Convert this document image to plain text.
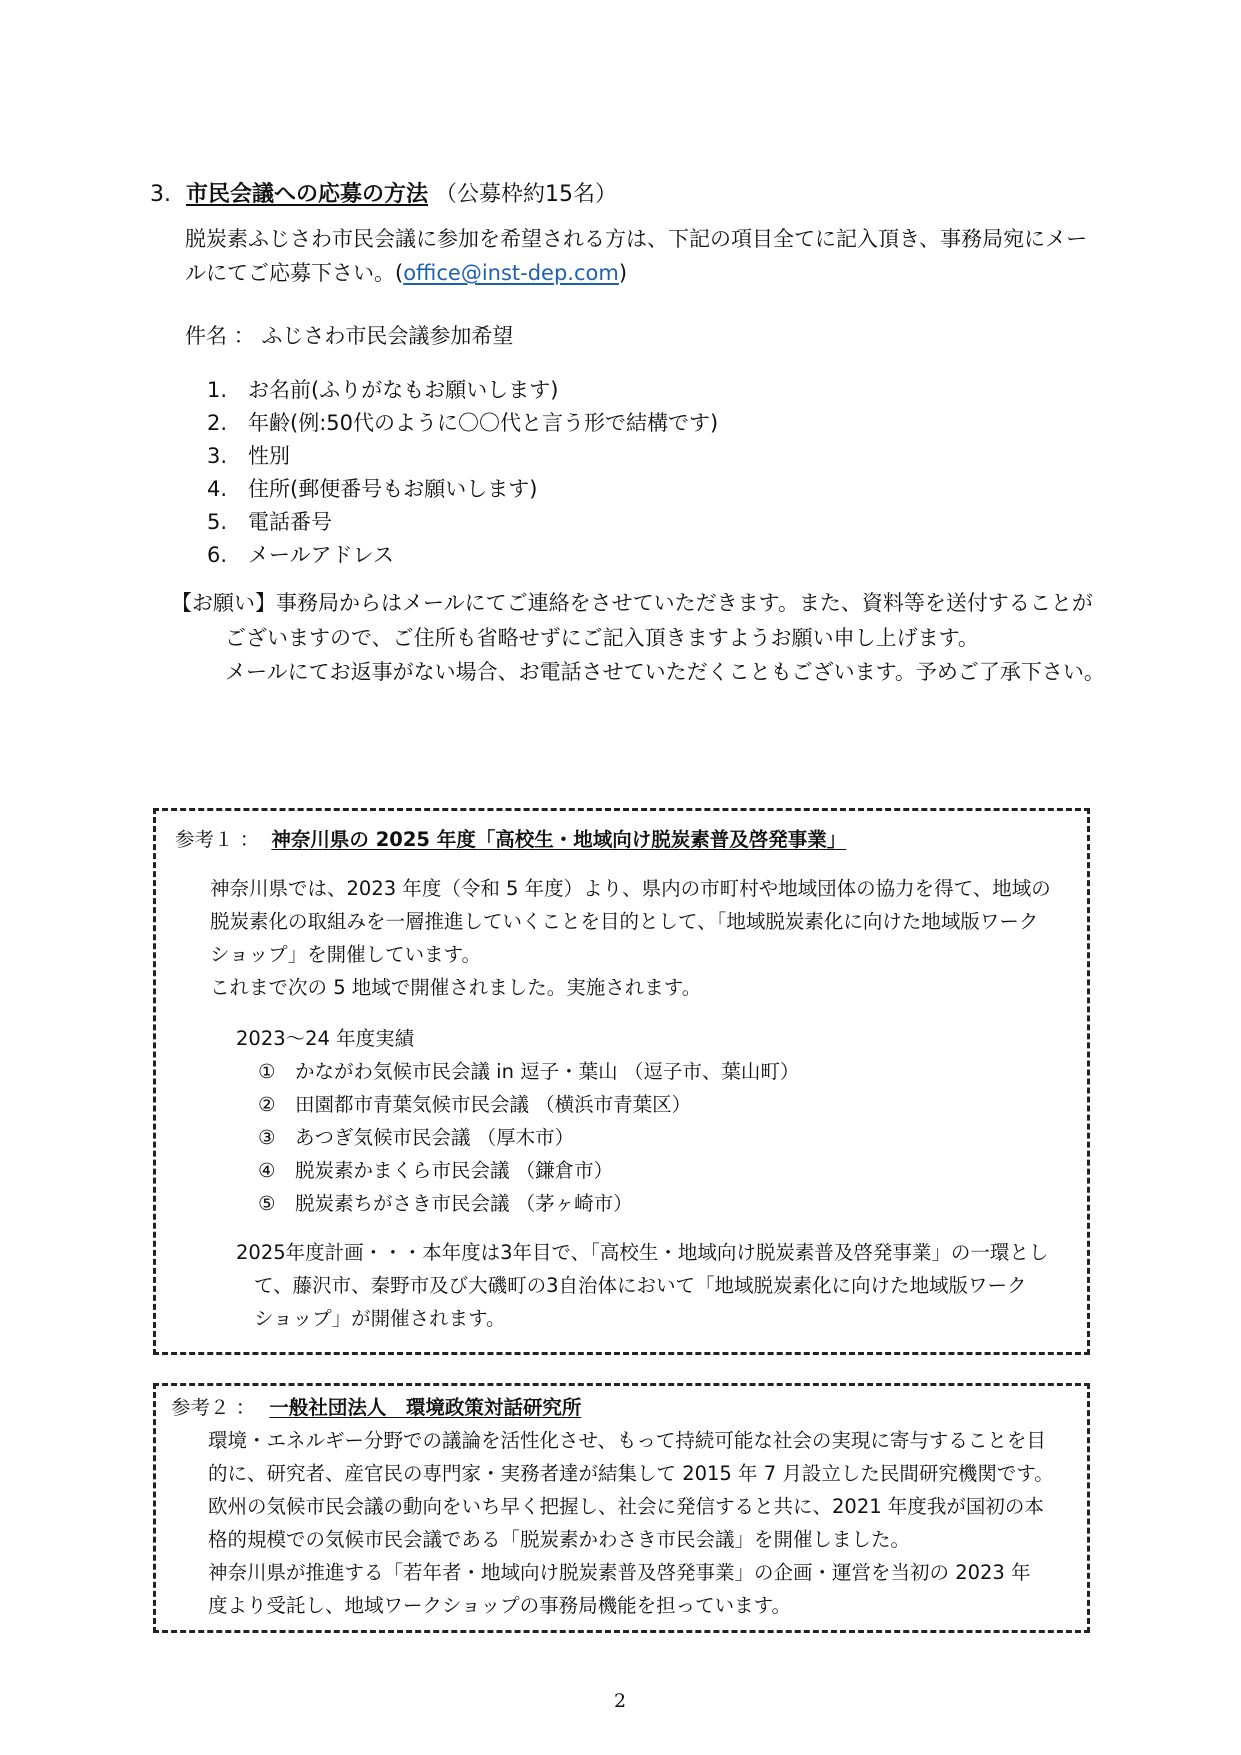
3. 市民会議への応募の方法 （公募枠約15名）
脱炭素ふじさわ市民会議に参加を希望される方は、下記の項目全てに記入頂き、事務局宛にメー
ルにてご応募下さい。(office@inst-dep.com)
件名 ： ふじさわ市民会議参加希望
1.　お名前(ふりがなもお願いします)
2.　年齢(例:50代のように〇〇代と言う形で結構です)
3.　性別
4.　住所(郵便番号もお願いします)
5.　電話番号
6.　メールアドレス
【お願い】事務局からはメールにてご連絡をさせていただきます。また、資料等を送付することが
ございますので、ご住所も省略せずにご記入頂きますようお願い申し上げます。
メールにてお返事がない場合、お電話させていただくこともございます。予めご了承下さい。
参考１ ： 神奈川県の 2025 年度「高校生・地域向け脱炭素普及啓発事業」
神奈川県では、2023 年度（令和 5 年度）より、県内の市町村や地域団体の協力を得て、地域の
脱炭素化の取組みを一層推進していくことを目的として、「地域脱炭素化に向けた地域版ワーク
ショップ」を開催しています。
これまで次の 5 地域で開催されました。実施されます。
2023～24 年度実績
①　かながわ気候市民会議 in 逗子・葉山 （逗子市、葉山町）
②　田園都市青葉気候市民会議 （横浜市青葉区）
③　あつぎ気候市民会議 （厚木市）
④　脱炭素かまくら市民会議 （鎌倉市）
⑤　脱炭素ちがさき市民会議 （茅ヶ崎市）
2025年度計画・・・本年度は3年目で、「高校生・地域向け脱炭素普及啓発事業」の一環とし
て、藤沢市、秦野市及び大磯町の3自治体において「地域脱炭素化に向けた地域版ワーク
ショップ」が開催されます。
参考２ ： 一般社団法人　環境政策対話研究所
環境・エネルギー分野での議論を活性化させ、もって持続可能な社会の実現に寄与することを目
的に、研究者、産官民の専門家・実務者達が結集して 2015 年 7 月設立した民間研究機関です。
欧州の気候市民会議の動向をいち早く把握し、社会に発信すると共に、2021 年度我が国初の本
格的規模での気候市民会議である「脱炭素かわさき市民会議」を開催しました。
神奈川県が推進する「若年者・地域向け脱炭素普及啓発事業」の企画・運営を当初の 2023 年
度より受託し、地域ワークショップの事務局機能を担っています。
2
